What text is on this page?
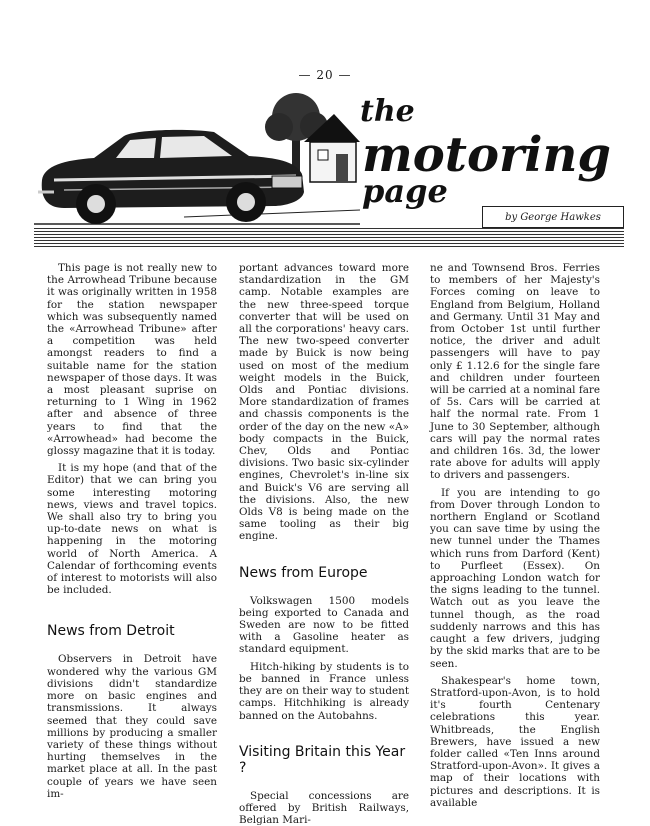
— 20 —
the
motoring
page
by George Hawkes

This page is not really new to the Arrowhead Tribune because it was originally written in 1958 for the station newspaper which was subsequently named the «Arrowhead Tribune» after a competition was held amongst readers to find a suitable name for the station newspaper of those days. It was a most pleasant suprise on returning to 1 Wing in 1962 after and absence of three years to find that the «Arrowhead» had become the glossy magazine that it is today.

It is my hope (and that of the Editor) that we can bring you some interesting motoring news, views and travel topics. We shall also try to bring you up-to-date news on what is happening in the motoring world of North America. A Calendar of forthcoming events of interest to motorists will also be included.

News from Detroit

Observers in Detroit have wondered why the various GM divisions didn't standardize more on basic engines and transmissions. It always seemed that they could save millions by producing a smaller variety of these things without hurting themselves in the market place at all. In the past couple of years we have seen im-

portant advances toward more standardization in the GM camp. Notable examples are the new three-speed torque converter that will be used on all the corporations' heavy cars. The new two-speed converter made by Buick is now being used on most of the medium weight models in the Buick, Olds and Pontiac divisions. More standardization of frames and chassis components is the order of the day on the new «A» body compacts in the Buick, Chev, Olds and Pontiac divisions. Two basic six-cylinder engines, Chevrolet's in-line six and Buick's V6 are serving all the divisions. Also, the new Olds V8 is being made on the same tooling as their big engine.

News from Europe

Volkswagen 1500 models being exported to Canada and Sweden are now to be fitted with a Gasoline heater as standard equipment.

Hitch-hiking by students is to be banned in France unless they are on their way to student camps. Hitchhiking is already banned on the Autobahns.

Visiting Britain this Year ?

Special concessions are offered by British Railways, Belgian Mari-

ne and Townsend Bros. Ferries to members of her Majesty's Forces coming on leave to England from Belgium, Holland and Germany. Until 31 May and from October 1st until further notice, the driver and adult passengers will have to pay only £ 1.12.6 for the single fare and children under fourteen will be carried at a nominal fare of 5s. Cars will be carried at half the normal rate. From 1 June to 30 September, although cars will pay the normal rates and children 16s. 3d, the lower rate above for adults will apply to drivers and passengers.

If you are intending to go from Dover through London to northern England or Scotland you can save time by using the new tunnel under the Thames which runs from Darford (Kent) to Purfleet (Essex). On approaching London watch for the signs leading to the tunnel. Watch out as you leave the tunnel though, as the road suddenly narrows and this has caught a few drivers, judging by the skid marks that are to be seen.

Shakespear's home town, Stratford-upon-Avon, is to hold it's fourth Centenary celebrations this year. Whitbreads, the English Brewers, have issued a new folder called «Ten Inns around Stratford-upon-Avon». It gives a map of their locations with pictures and descriptions. It is available
